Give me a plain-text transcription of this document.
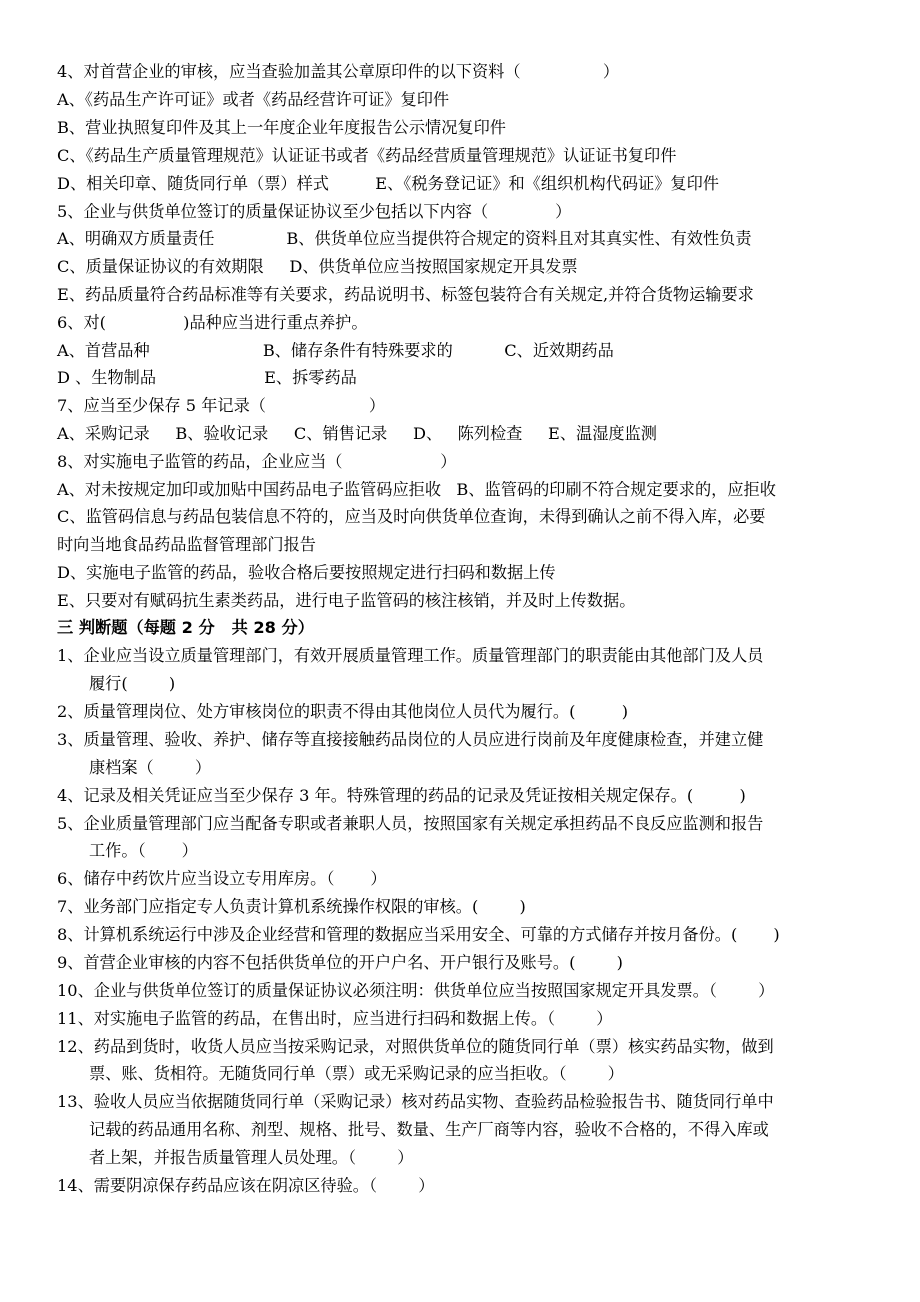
4、对首营企业的审核，应当查验加盖其公章原印件的以下资料（                ）
A、《药品生产许可证》或者《药品经营许可证》复印件
B、营业执照复印件及其上一年度企业年度报告公示情况复印件
C、《药品生产质量管理规范》认证证书或者《药品经营质量管理规范》认证证书复印件
D、相关印章、随货同行单（票）样式         E、《税务登记证》和《组织机构代码证》复印件
5、企业与供货单位签订的质量保证协议至少包括以下内容（             ）
A、明确双方质量责任              B、供货单位应当提供符合规定的资料且对其真实性、有效性负责
C、质量保证协议的有效期限     D、供货单位应当按照国家规定开具发票
E、药品质量符合药品标准等有关要求，药品说明书、标签包装符合有关规定,并符合货物运输要求
6、对(               )品种应当进行重点养护。
A、首营品种                      B、储存条件有特殊要求的          C、近效期药品
D 、生物制品                     E、拆零药品
7、应当至少保存 5 年记录（                    ）
A、采购记录     B、验收记录     C、销售记录     D、   陈列检查     E、温湿度监测
8、对实施电子监管的药品，企业应当（                   ）
A、对未按规定加印或加贴中国药品电子监管码应拒收   B、监管码的印刷不符合规定要求的，应拒收
C、监管码信息与药品包装信息不符的，应当及时向供货单位查询，未得到确认之前不得入库，必要
时向当地食品药品监督管理部门报告
D、实施电子监管的药品，验收合格后要按照规定进行扫码和数据上传
E、只要对有赋码抗生素类药品，进行电子监管码的核注核销，并及时上传数据。
三 判断题（每题 2 分   共 28 分）
1、企业应当设立质量管理部门，有效开展质量管理工作。质量管理部门的职责能由其他部门及人员
履行(        )
2、质量管理岗位、处方审核岗位的职责不得由其他岗位人员代为履行。(         )
3、质量管理、验收、养护、储存等直接接触药品岗位的人员应进行岗前及年度健康检查，并建立健
康档案（        ）
4、记录及相关凭证应当至少保存 3 年。特殊管理的药品的记录及凭证按相关规定保存。(         )
5、企业质量管理部门应当配备专职或者兼职人员，按照国家有关规定承担药品不良反应监测和报告
工作。（       ）
6、储存中药饮片应当设立专用库房。（       ）
7、业务部门应指定专人负责计算机系统操作权限的审核。(        )
8、计算机系统运行中涉及企业经营和管理的数据应当采用安全、可靠的方式储存并按月备份。(       )
9、首营企业审核的内容不包括供货单位的开户户名、开户银行及账号。(        )
10、企业与供货单位签订的质量保证协议必须注明：供货单位应当按照国家规定开具发票。（        ）
11、对实施电子监管的药品，在售出时，应当进行扫码和数据上传。（        ）
12、药品到货时，收货人员应当按采购记录，对照供货单位的随货同行单（票）核实药品实物，做到
票、账、货相符。无随货同行单（票）或无采购记录的应当拒收。（        ）
13、验收人员应当依据随货同行单（采购记录）核对药品实物、查验药品检验报告书、随货同行单中
记载的药品通用名称、剂型、规格、批号、数量、生产厂商等内容，验收不合格的，不得入库或
者上架，并报告质量管理人员处理。（        ）
14、需要阴凉保存药品应该在阴凉区待验。（        ）
